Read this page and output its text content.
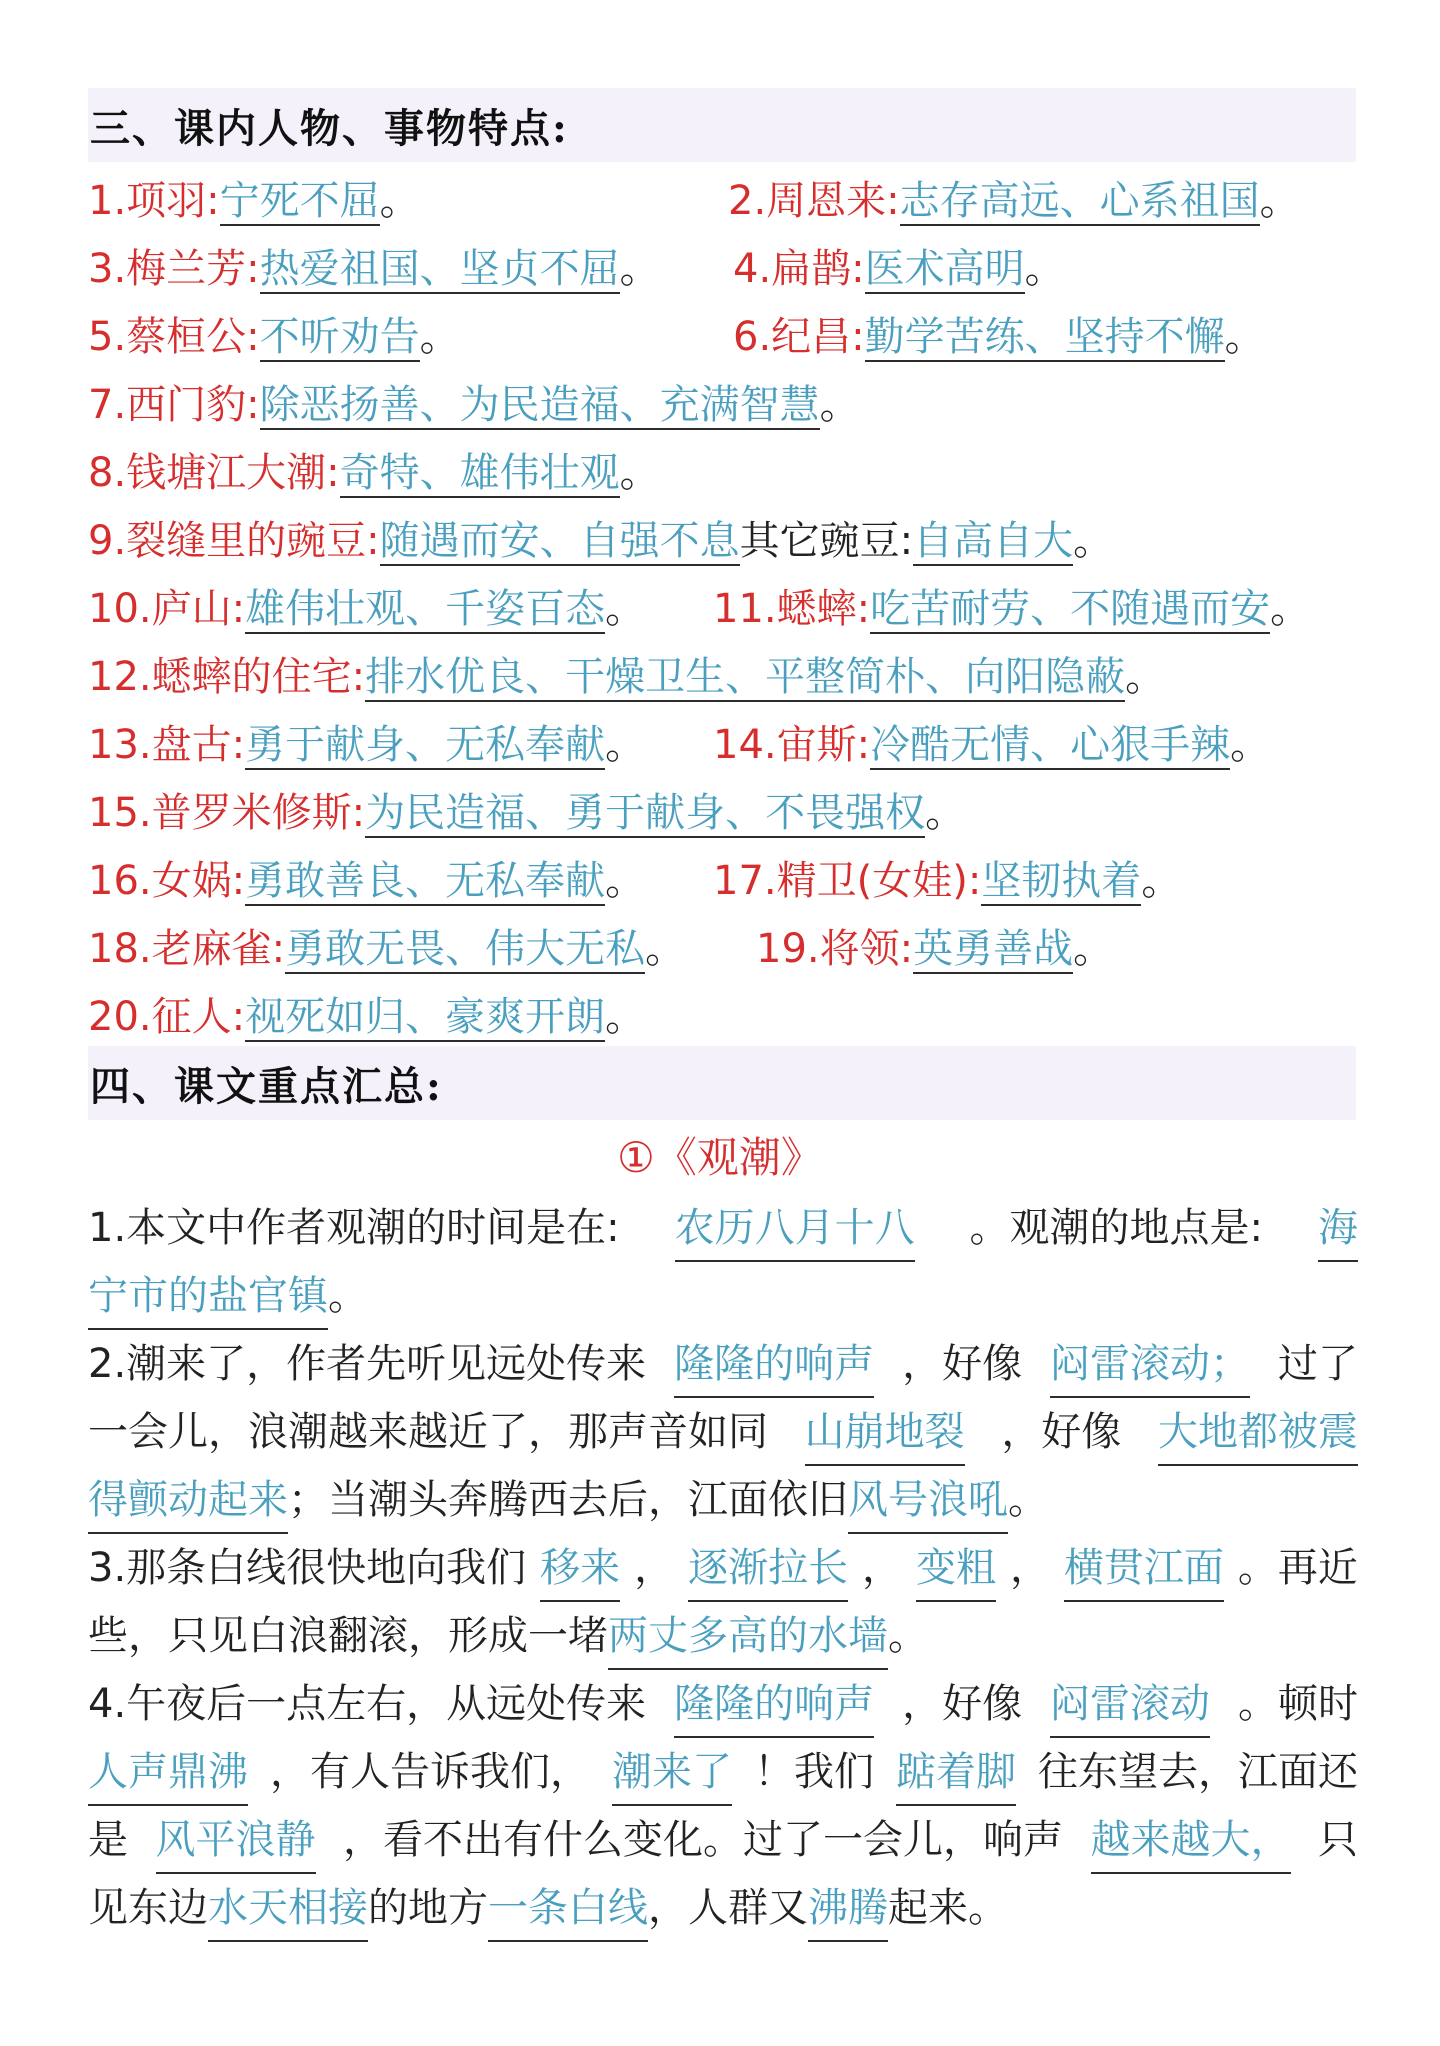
三、课内人物、事物特点:
1.项羽:宁死不屈。	2.周恩来:志存高远、心系祖国。
3.梅兰芳:热爱祖国、坚贞不屈。 4.扁鹊:医术高明。
5.蔡桓公:不听劝告。	6.纪昌:勤学苦练、坚持不懈。
7.西门豹:除恶扬善、为民造福、充满智慧。
8.钱塘江大潮:奇特、雄伟壮观。
9.裂缝里的豌豆:随遇而安、自强不息其它豌豆:自高自大。
10.庐山:雄伟壮观、千姿百态。 11.蟋蟀:吃苦耐劳、不随遇而安。
12.蟋蟀的住宅:排水优良、干燥卫生、平整简朴、向阳隐蔽。
13.盘古:勇于献身、无私奉献。 14.宙斯:冷酷无情、心狠手辣。
15.普罗米修斯:为民造福、勇于献身、不畏强权。
16.女娲:勇敢善良、无私奉献。 17.精卫(女娃):坚韧执着。
18.老麻雀:勇敢无畏、伟大无私。 19.将领:英勇善战。
20.征人:视死如归、豪爽开朗。
四、课文重点汇总:
①《观潮》
1.本文中作者观潮的时间是在: 农历八月十八 。观潮的地点是: 海
宁市的盐官镇 。
2.潮来了，作者先听见远处传来 隆隆的响声 ，好像 闷雷滚动； 过了
一会儿，浪潮越来越近了，那声音如同 山崩地裂 ，好像 大地都被震
得颤动起来 ；当潮头奔腾西去后，江面依旧 风号浪吼 。
3.那条白线很快地向我们 移来 ， 逐渐拉长 ， 变粗 ， 横贯江面 。再近
些，只见白浪翻滚，形成一堵 两丈多高的水墙 。
4.午夜后一点左右，从远处传来 隆隆的响声 ，好像 闷雷滚动 。顿时
人声鼎沸 ，有人告诉我们， 潮来了 ！我们 踮着脚 往东望去，江面还
是 风平浪静 ，看不出有什么变化。过了一会儿，响声 越来越大， 只
见东边 水天相接 的地方 一条白线 ，人群又 沸腾 起来。
